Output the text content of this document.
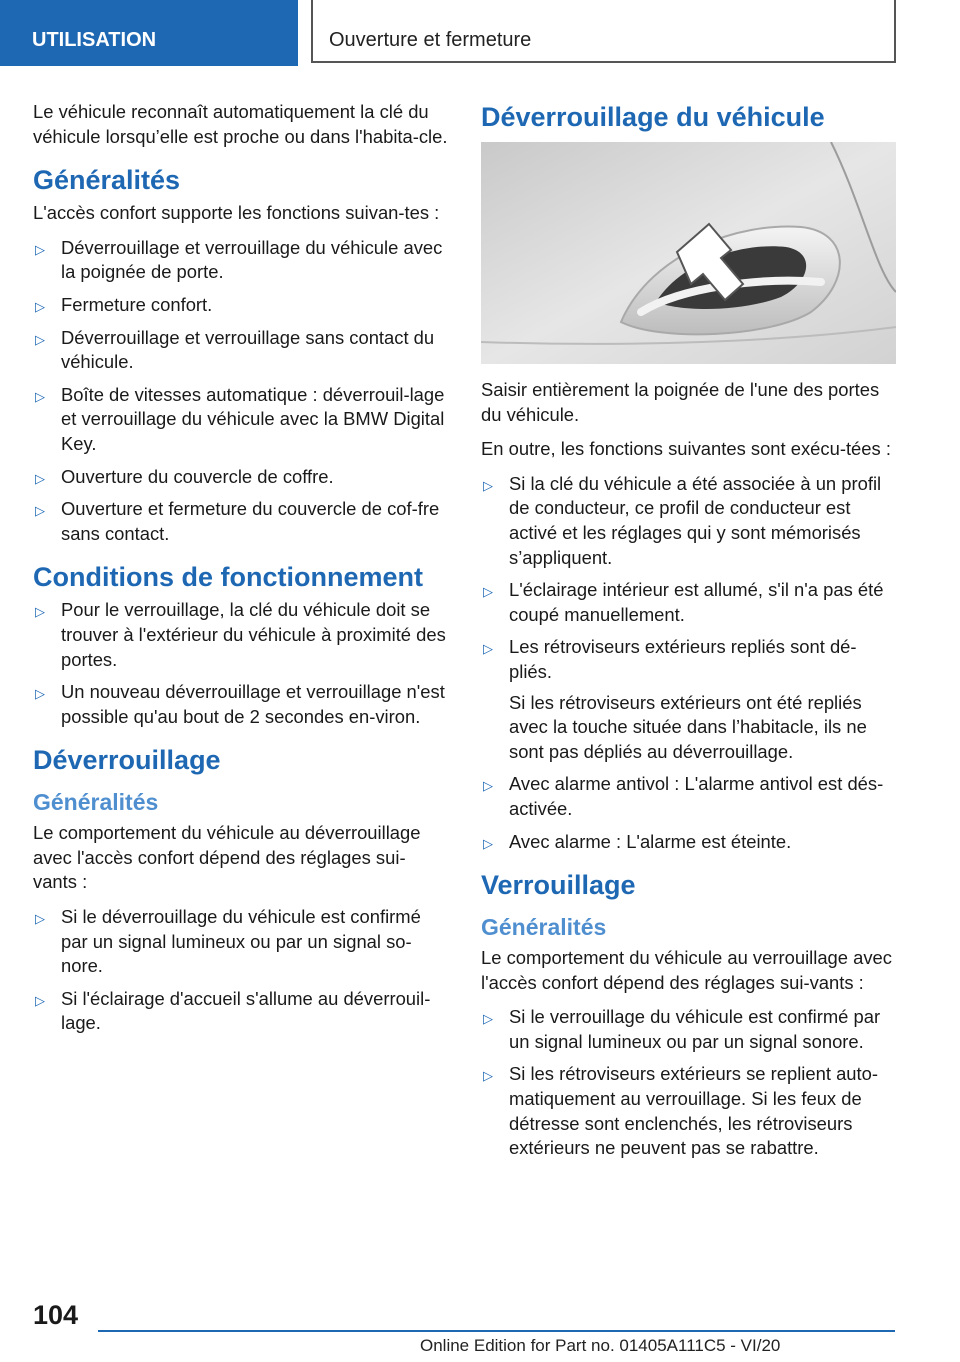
UTILISATION	Ouverture et fermeture

Le véhicule reconnaît automatiquement la clé du véhicule lorsqu’elle est proche ou dans l'habita-cle.

Généralités

L'accès confort supporte les fonctions suivan-tes :

▷ Déverrouillage et verrouillage du véhicule avec la poignée de porte.
▷ Fermeture confort.
▷ Déverrouillage et verrouillage sans contact du véhicule.
▷ Boîte de vitesses automatique : déverrouil-lage et verrouillage du véhicule avec la BMW Digital Key.
▷ Ouverture du couvercle de coffre.
▷ Ouverture et fermeture du couvercle de cof-fre sans contact.
Conditions de fonctionnement
▷ Pour le verrouillage, la clé du véhicule doit se trouver à l'extérieur du véhicule à proximité des portes.
▷ Un nouveau déverrouillage et verrouillage n'est possible qu'au bout de 2 secondes en-viron.
Déverrouillage
Généralités

Le comportement du véhicule au déverrouillage avec l'accès confort dépend des réglages sui-vants :

▷ Si le déverrouillage du véhicule est confirmé par un signal lumineux ou par un signal so-nore.
▷ Si l'éclairage d'accueil s'allume au déverrouil-lage.
Déverrouillage du véhicule

Saisir entièrement la poignée de l'une des portes du véhicule.

En outre, les fonctions suivantes sont exécu-tées :

▷ Si la clé du véhicule a été associée à un profil de conducteur, ce profil de conducteur est activé et les réglages qui y sont mémorisés s’appliquent.
▷ L'éclairage intérieur est allumé, s'il n'a pas été coupé manuellement.
▷ Les rétroviseurs extérieurs repliés sont dé-pliés.

Si les rétroviseurs extérieurs ont été repliés avec la touche située dans l’habitacle, ils ne sont pas dépliés au déverrouillage.

▷ Avec alarme antivol : L'alarme antivol est dés-activée.
▷ Avec alarme : L'alarme est éteinte.
Verrouillage
Généralités

Le comportement du véhicule au verrouillage avec l'accès confort dépend des réglages sui-vants :

▷ Si le verrouillage du véhicule est confirmé par un signal lumineux ou par un signal sonore.
▷ Si les rétroviseurs extérieurs se replient auto-matiquement au verrouillage. Si les feux de détresse sont enclenchés, les rétroviseurs extérieurs ne peuvent pas se rabattre.
104
Online Edition for Part no. 01405A111C5 - VI/20
